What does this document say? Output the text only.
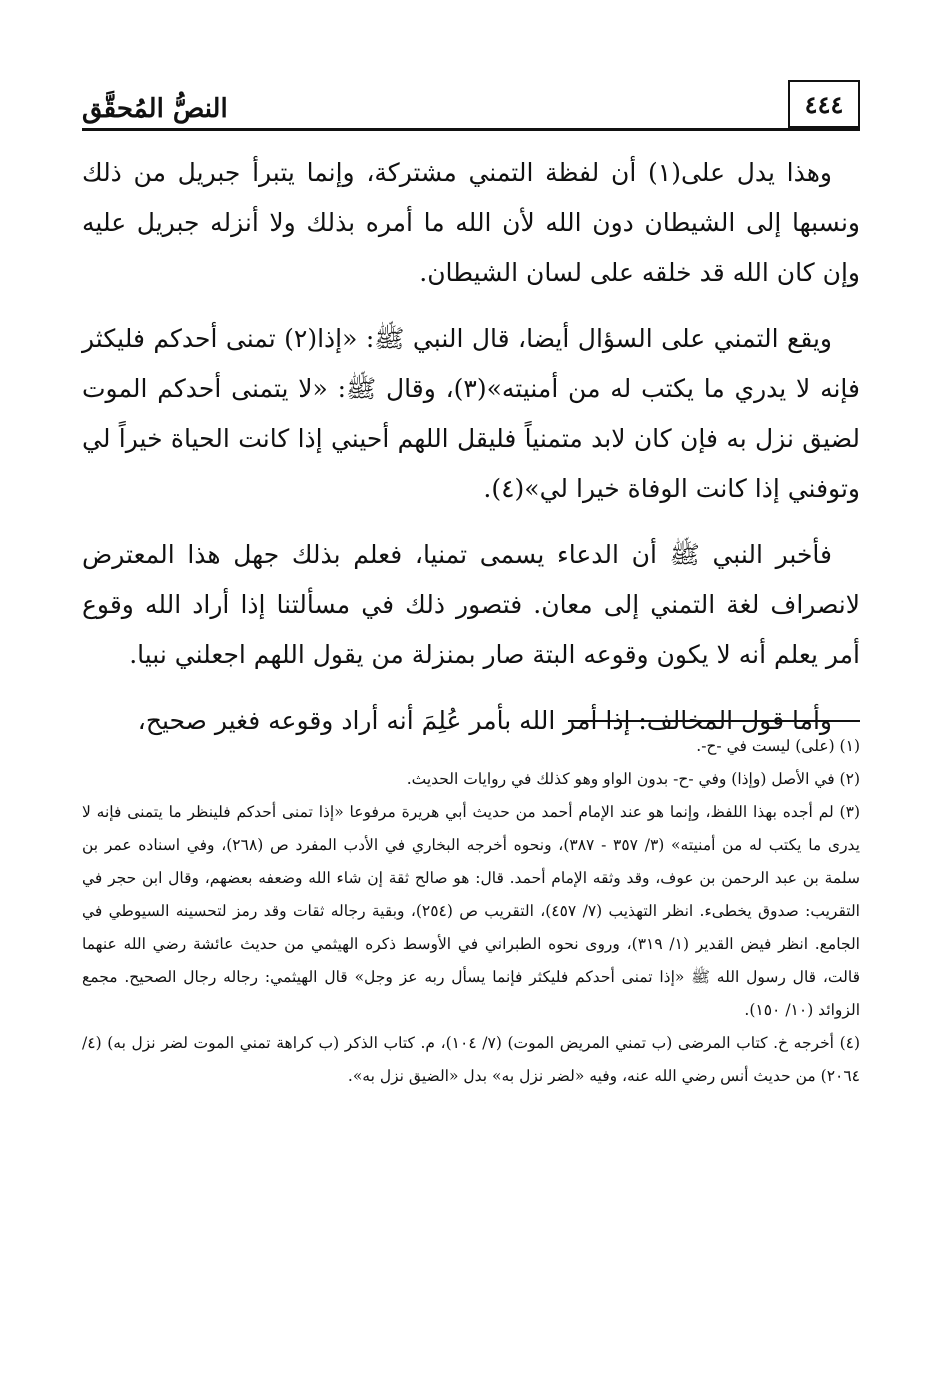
٤٤٤
النصُّ المُحقَّق

وهذا يدل على(١) أن لفظة التمني مشتركة، وإنما يتبرأ جبريل من ذلك ونسبها إلى الشيطان دون الله لأن الله ما أمره بذلك ولا أنزله جبريل عليه وإن كان الله قد خلقه على لسان الشيطان.

ويقع التمني على السؤال أيضا، قال النبي ﷺ: «إذا(٢) تمنى أحدكم فليكثر فإنه لا يدري ما يكتب له من أمنيته»(٣)، وقال ﷺ: «لا يتمنى أحدكم الموت لضيق نزل به فإن كان لابد متمنياً فليقل اللهم أحيني إذا كانت الحياة خيراً لي وتوفني إذا كانت الوفاة خيرا لي»(٤).

فأخبر النبي ﷺ أن الدعاء يسمى تمنيا، فعلم بذلك جهل هذا المعترض لانصراف لغة التمني إلى معان. فتصور ذلك في مسألتنا إذا أراد الله وقوع أمر يعلم أنه لا يكون وقوعه البتة صار بمنزلة من يقول اللهم اجعلني نبيا.

وأما قول المخالف: إذا أمر الله بأمر عُلِمَ أنه أراد وقوعه فغير صحيح،

(١) (على) ليست في -ح-.

(٢) في الأصل (وإذا) وفي -ح- بدون الواو وهو كذلك في روايات الحديث.

(٣) لم أجده بهذا اللفظ، وإنما هو عند الإمام أحمد من حديث أبي هريرة مرفوعا «إذا تمنى أحدكم فلينظر ما يتمنى فإنه لا يدرى ما يكتب له من أمنيته» (٣/ ٣٥٧ - ٣٨٧)، ونحوه أخرجه البخاري في الأدب المفرد ص (٢٦٨)، وفي اسناده عمر بن سلمة بن عبد الرحمن بن عوف، وقد وثقه الإمام أحمد. قال: هو صالح ثقة إن شاء الله وضعفه بعضهم، وقال ابن حجر في التقريب: صدوق يخطىء. انظر التهذيب (٧/ ٤٥٧)، التقريب ص (٢٥٤)، وبقية رجاله ثقات وقد رمز لتحسينه السيوطي في الجامع. انظر فيض القدير (١/ ٣١٩)، وروى نحوه الطبراني في الأوسط ذكره الهيثمي من حديث عائشة رضي الله عنهما قالت، قال رسول الله ﷺ «إذا تمنى أحدكم فليكثر فإنما يسأل ربه عز وجل» قال الهيثمي: رجاله رجال الصحيح. مجمع الزوائد (١٠/ ١٥٠).

(٤) أخرجه خ. كتاب المرضى (ب تمني المريض الموت) (٧/ ١٠٤)، م. كتاب الذكر (ب كراهة تمني الموت لضر نزل به) (٤/ ٢٠٦٤) من حديث أنس رضي الله عنه، وفيه «لضر نزل به» بدل «الضيق نزل به».
